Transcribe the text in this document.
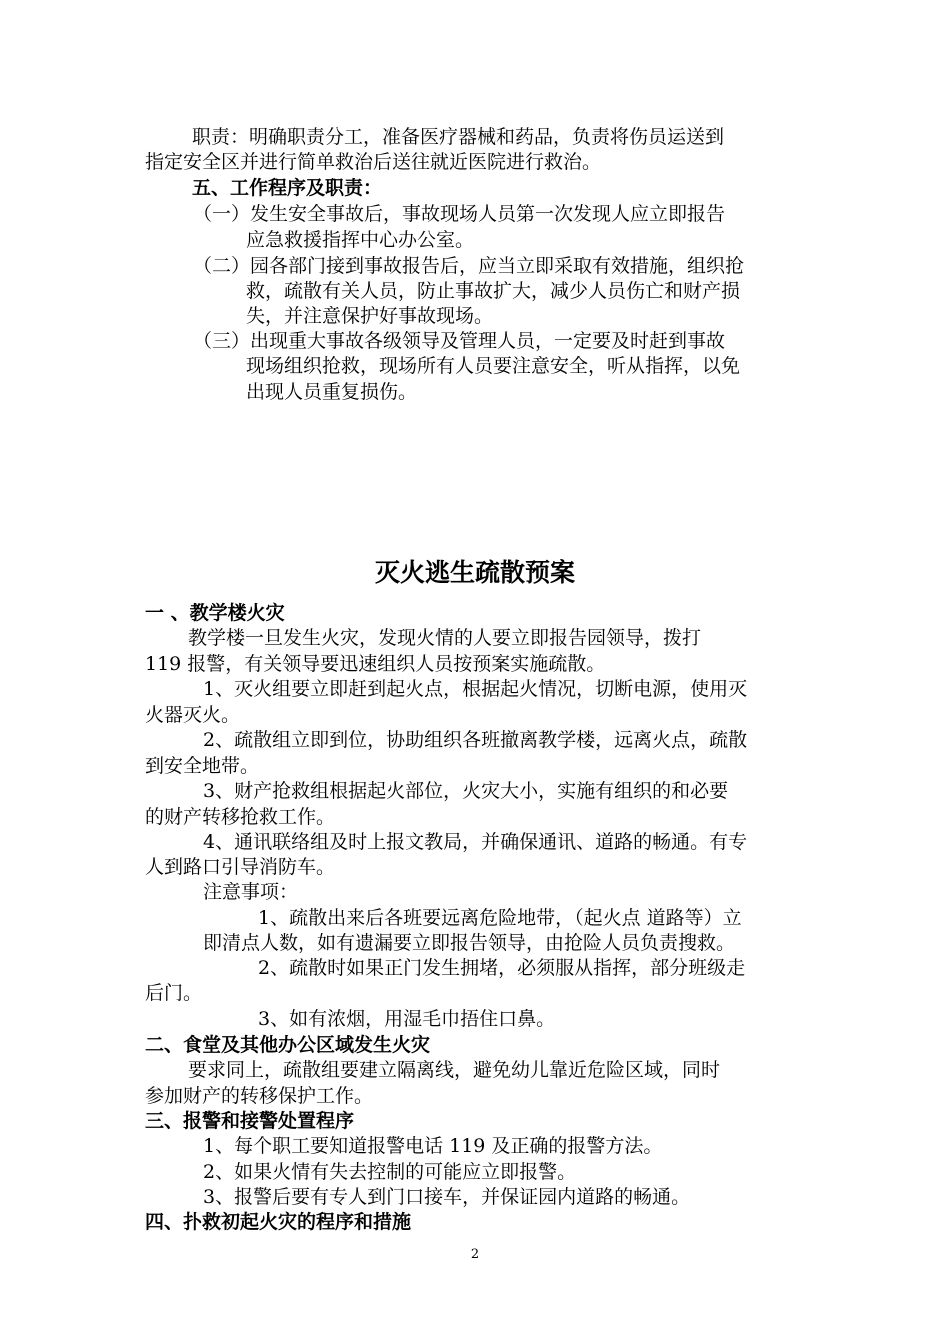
职责：明确职责分工，准备医疗器械和药品，负责将伤员运送到
指定安全区并进行简单救治后送往就近医院进行救治。
五、工作程序及职责：
（一）发生安全事故后，事故现场人员第一次发现人应立即报告
应急救援指挥中心办公室。
（二）园各部门接到事故报告后，应当立即采取有效措施，组织抢
救，疏散有关人员，防止事故扩大，减少人员伤亡和财产损
失，并注意保护好事故现场。
（三）出现重大事故各级领导及管理人员，一定要及时赶到事故
现场组织抢救，现场所有人员要注意安全，听从指挥，以免
出现人员重复损伤。
灭火逃生疏散预案
一 、教学楼火灾
教学楼一旦发生火灾，发现火情的人要立即报告园领导，拨打
119 报警，有关领导要迅速组织人员按预案实施疏散。
1、灭火组要立即赶到起火点，根据起火情况，切断电源，使用灭
火器灭火。
2、疏散组立即到位，协助组织各班撤离教学楼，远离火点，疏散
到安全地带。
3、财产抢救组根据起火部位，火灾大小，实施有组织的和必要
的财产转移抢救工作。
4、通讯联络组及时上报文教局，并确保通讯、道路的畅通。有专
人到路口引导消防车。
注意事项：
1、疏散出来后各班要远离危险地带，（起火点 道路等）立
即清点人数，如有遗漏要立即报告领导，由抢险人员负责搜救。
2、疏散时如果正门发生拥堵，必须服从指挥，部分班级走
后门。
3、如有浓烟，用湿毛巾捂住口鼻。
二、食堂及其他办公区域发生火灾
要求同上，疏散组要建立隔离线，避免幼儿靠近危险区域，同时
参加财产的转移保护工作。
三、报警和接警处置程序
1、每个职工要知道报警电话 119 及正确的报警方法。
2、如果火情有失去控制的可能应立即报警。
3、报警后要有专人到门口接车，并保证园内道路的畅通。
四、扑救初起火灾的程序和措施
2
